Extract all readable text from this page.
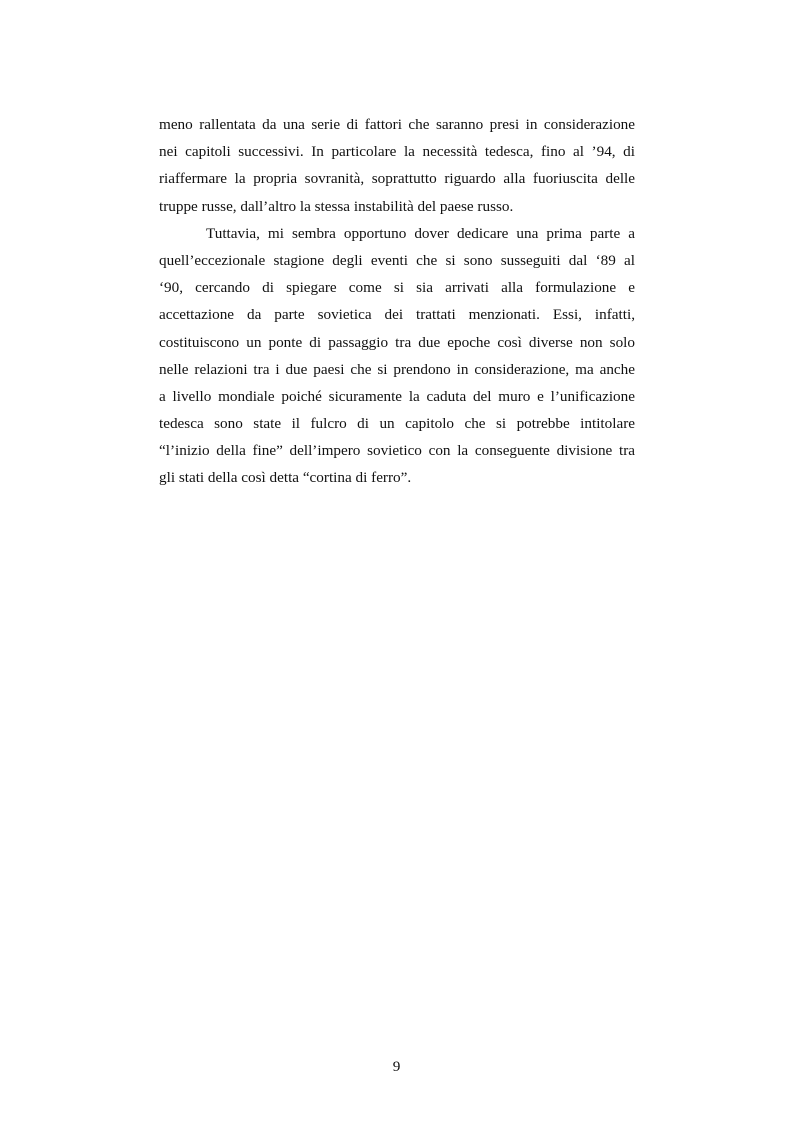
meno rallentata da una serie di fattori che saranno presi in considerazione
nei capitoli successivi. In particolare la necessità tedesca, fino al ’94, di
riaffermare la propria sovranità, soprattutto riguardo alla fuoriuscita delle
truppe russe, dall’altro la stessa instabilità del paese russo.
Tuttavia, mi sembra opportuno dover dedicare una prima parte a
quell’eccezionale stagione degli eventi che si sono susseguiti dal ‘89 al
‘90, cercando di spiegare come si sia arrivati alla formulazione e
accettazione da parte sovietica dei trattati menzionati. Essi, infatti,
costituiscono un ponte di passaggio tra due epoche così diverse non solo
nelle relazioni tra i due paesi che si prendono in considerazione, ma anche
a livello mondiale poiché sicuramente la caduta del muro e l’unificazione
tedesca sono state il fulcro di un capitolo che si potrebbe intitolare
“l’inizio della fine” dell’impero sovietico con la conseguente divisione tra
gli stati della così detta “cortina di ferro”.
9
